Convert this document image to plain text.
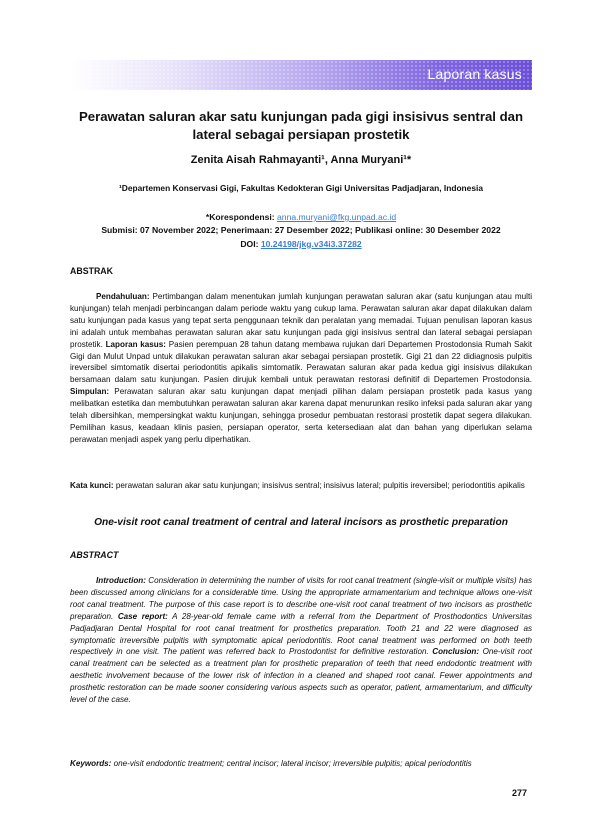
Laporan kasus
Perawatan saluran akar satu kunjungan pada gigi insisivus sentral dan lateral sebagai persiapan prostetik
Zenita Aisah Rahmayanti¹, Anna Muryani¹*
¹Departemen Konservasi Gigi, Fakultas Kedokteran Gigi Universitas Padjadjaran, Indonesia
*Korespondensi: anna.muryani@fkg.unpad.ac.id
Submisi: 07 November 2022; Penerimaan: 27 Desember 2022; Publikasi online: 30 Desember 2022
DOI: 10.24198/jkg.v34i3.37282
ABSTRAK

Pendahuluan: Pertimbangan dalam menentukan jumlah kunjungan perawatan saluran akar (satu kunjungan atau multi kunjungan) telah menjadi perbincangan dalam periode waktu yang cukup lama. Perawatan saluran akar dapat dilakukan dalam satu kunjungan pada kasus yang tepat serta penggunaan teknik dan peralatan yang memadai. Tujuan penulisan laporan kasus ini adalah untuk membahas perawatan saluran akar satu kunjungan pada gigi insisivus sentral dan lateral sebagai persiapan prostetik. Laporan kasus: Pasien perempuan 28 tahun datang membawa rujukan dari Departemen Prostodonsia Rumah Sakit Gigi dan Mulut Unpad untuk dilakukan perawatan saluran akar sebagai persiapan prostetik. Gigi 21 dan 22 didiagnosis pulpitis ireversibel simtomatik disertai periodontitis apikalis simtomatik. Perawatan saluran akar pada kedua gigi insisivus dilakukan bersamaan dalam satu kunjungan. Pasien dirujuk kembali untuk perawatan restorasi definitif di Departemen Prostodonsia. Simpulan: Perawatan saluran akar satu kunjungan dapat menjadi pilihan dalam persiapan prostetik pada kasus yang melibatkan estetika dan membutuhkan perawatan saluran akar karena dapat menurunkan resiko infeksi pada saluran akar yang telah dibersihkan, mempersingkat waktu kunjungan, sehingga prosedur pembuatan restorasi prostetik dapat segera dilakukan. Pemilihan kasus, keadaan klinis pasien, persiapan operator, serta ketersediaan alat dan bahan yang diperlukan selama perawatan menjadi aspek yang perlu diperhatikan.

Kata kunci: perawatan saluran akar satu kunjungan; insisivus sentral; insisivus lateral; pulpitis ireversibel; periodontitis apikalis

One-visit root canal treatment of central and lateral incisors as prosthetic preparation
ABSTRACT

Introduction: Consideration in determining the number of visits for root canal treatment (single-visit or multiple visits) has been discussed among clinicians for a considerable time. Using the appropriate armamentarium and technique allows one-visit root canal treatment. The purpose of this case report is to describe one-visit root canal treatment of two incisors as prosthetic preparation. Case report: A 28-year-old female came with a referral from the Department of Prosthodontics Universitas Padjadjaran Dental Hospital for root canal treatment for prosthetics preparation. Tooth 21 and 22 were diagnosed as symptomatic irreversible pulpitis with symptomatic apical periodontitis. Root canal treatment was performed on both teeth respectively in one visit. The patient was referred back to Prostodontist for definitive restoration. Conclusion: One-visit root canal treatment can be selected as a treatment plan for prosthetic preparation of teeth that need endodontic treatment with aesthetic involvement because of the lower risk of infection in a cleaned and shaped root canal. Fewer appointments and prosthetic restoration can be made sooner considering various aspects such as operator, patient, armamentarium, and difficulty level of the case.

Keywords: one-visit endodontic treatment; central incisor; lateral incisor; irreversible pulpitis; apical periodontitis

277
